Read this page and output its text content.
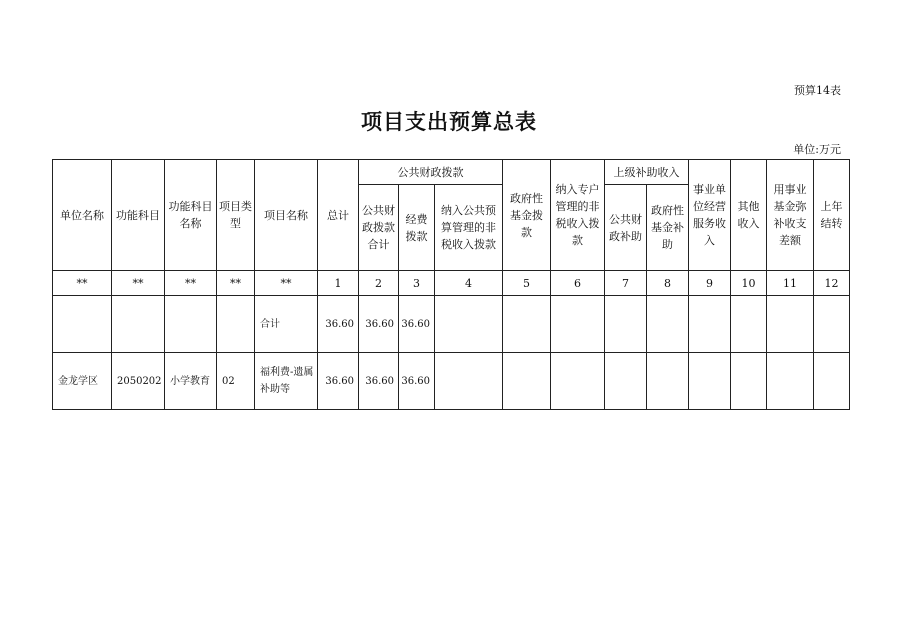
预算14表
项目支出预算总表
单位:万元
单位名称	功能科目	功能科目名称	项目类型	项目名称	总计	公共财政拨款			政府性基金拨款	纳入专户管理的非税收入拨款	上级补助收入		事业单位经营服务收入	其他收入	用事业基金弥补收支差额	上年结转
						公共财政拨款合计	经费拨款	纳入公共预算管理的非税收入拨款			公共财政补助	政府性基金补助				
**	**	**	**	**	1	2	3	4	5	6	7	8	9	10	11	12
				合计	36.60	36.60	36.60									
金龙学区	2050202	小学教育	02	福利费-遗属补助等	36.60	36.60	36.60									
